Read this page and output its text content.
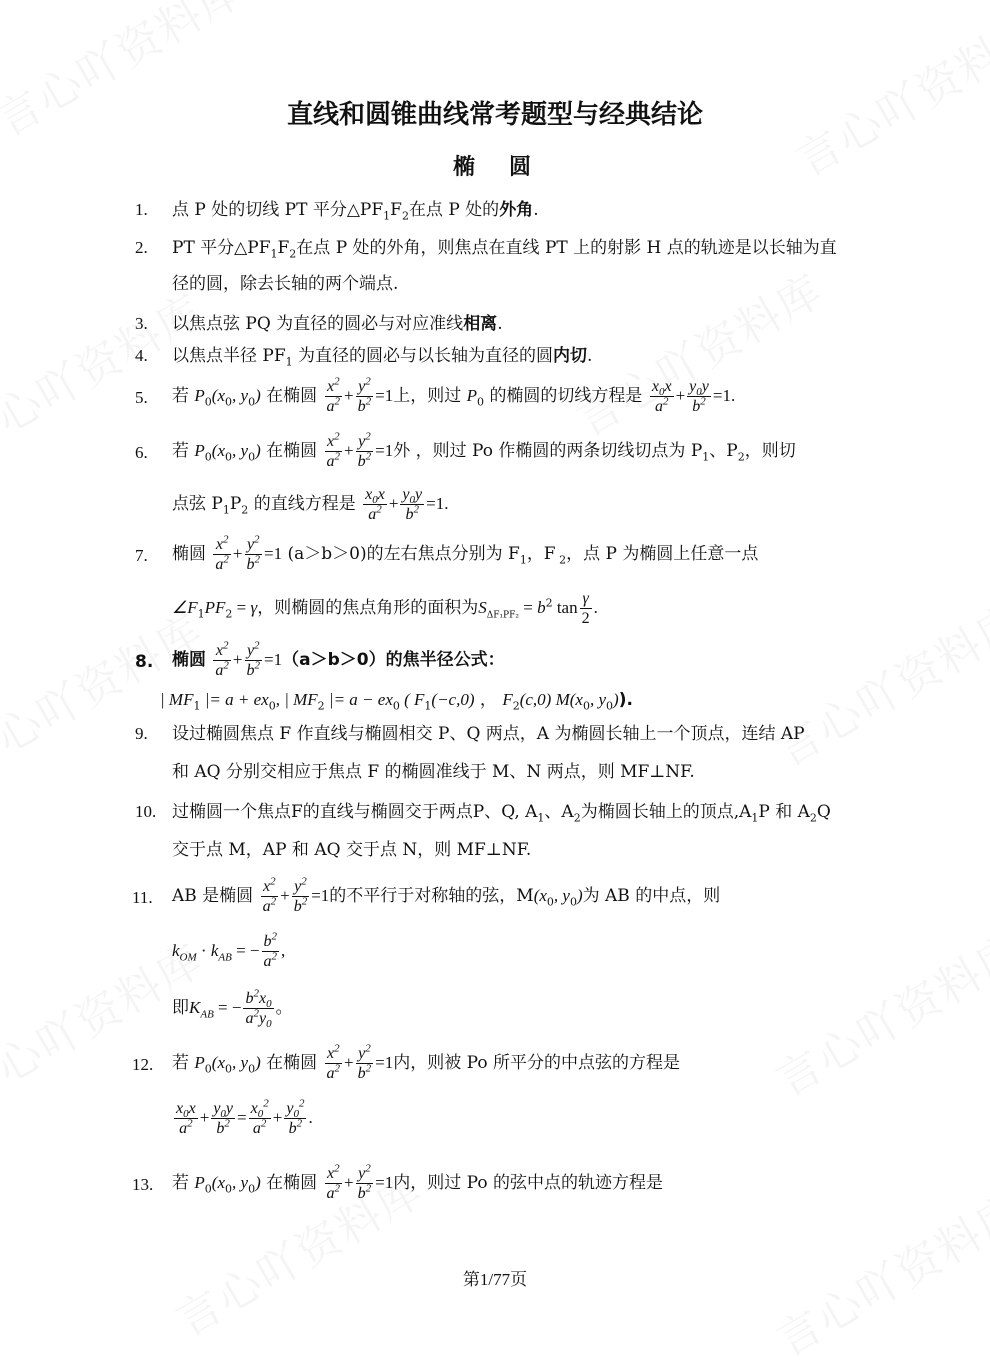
直线和圆锥曲线常考题型与经典结论
椭　圆
1. 点 P 处的切线 PT 平分$\triangle PF_1F_2$在点 P 处的外角.
2. PT 平分$\triangle PF_1F_2$在点 P 处的外角，则焦点在直线 PT 上的射影 H 点的轨迹是以长轴为直
径的圆，除去长轴的两个端点.
3. 以焦点弦 PQ 为直径的圆必与对应准线相离.
4. 以焦点半径 $PF_1$ 为直径的圆必与以长轴为直径的圆内切.
5. 若 $P_0(x_0$, $y_0$) 在椭圆 $\frac{x^2}{a^2} + \frac{y^2}{b^2} =1$上，则过 $P_0$ 的椭圆的切线方程是 $\frac{x_0x}{a^2} + \frac{y_0y}{b^2} =1$.
6. 若 $P_0(x_0$, $y_0$) 在椭圆 $\frac{x^2}{a^2} + \frac{y^2}{b^2} =1$外 ，则过 Po 作椭圆的两条切线切点为 $P_1$、$P_2$，则切
点弦 $P_1P_2$ 的直线方程是 $\frac{x_0x}{a^2} + \frac{y_0y}{b^2} =1$.
7. 椭圆 $\frac{x^2}{a^2} + \frac{y^2}{b^2} =1$ (a＞b＞0)的左右焦点分别为 $F_1$，F $_2$，点 P 为椭圆上任意一点
$\angle F_1PF_2 = \gamma$，则椭圆的焦点角形的面积为$S_{\Delta F_1PF_2} = b^2$ $\tan \frac{\gamma}{2}$ .
8. 椭圆 $\frac{x^2}{a^2} + \frac{y^2}{b^2} =1(a>b>0)$的焦半径公式：
| $MF_1$ |= $a + ex_0$, | $MF_2$ |= $a - ex_0$ ( $F_1(-c,0)$ ， $F_2(c,0)$ $M(x_0$, $y_0$)).
9. 设过椭圆焦点 F 作直线与椭圆相交 P、Q 两点，A 为椭圆长轴上一个顶点，连结 AP
和 AQ 分别交相应于焦点 F 的椭圆准线于 M、N 两点，则 MF⊥NF.
10. 过椭圆一个焦点F的直线与椭圆交于两点P、Q, $A_1$、$A_2$为椭圆长轴上的顶点$,A_1P$ 和 $A_2Q$
交于点 M，AP 和 AQ 交于点 N，则 MF⊥NF.
11. AB 是椭圆 $\frac{x^2}{a^2} + \frac{y^2}{b^2} =1$的不平行于对称轴的弦，$M(x_0$, $y_0$)为 AB 的中点，则
$k_{OM} \cdot k_{AB}$ = − $\frac{b^2}{a^2}$ ,
即$K_{AB}$ = − $\frac{b^2x_0}{a^2y_0}$ 。
12. 若 $P_0(x_0$, $y_0$) 在椭圆 $\frac{x^2}{a^2} + \frac{y^2}{b^2} =1$内，则被 Po 所平分的中点弦的方程是
$\frac{x_0x}{a^2} + \frac{y_0y}{b^2} = \frac{x_0^2}{a^2} + \frac{y_0^2}{b^2}$ .
13. 若 $P_0(x_0$, $y_0$) 在椭圆 $\frac{x^2}{a^2} + \frac{y^2}{b^2} =1$内，则过 Po 的弦中点的轨迹方程是
第1/77页
